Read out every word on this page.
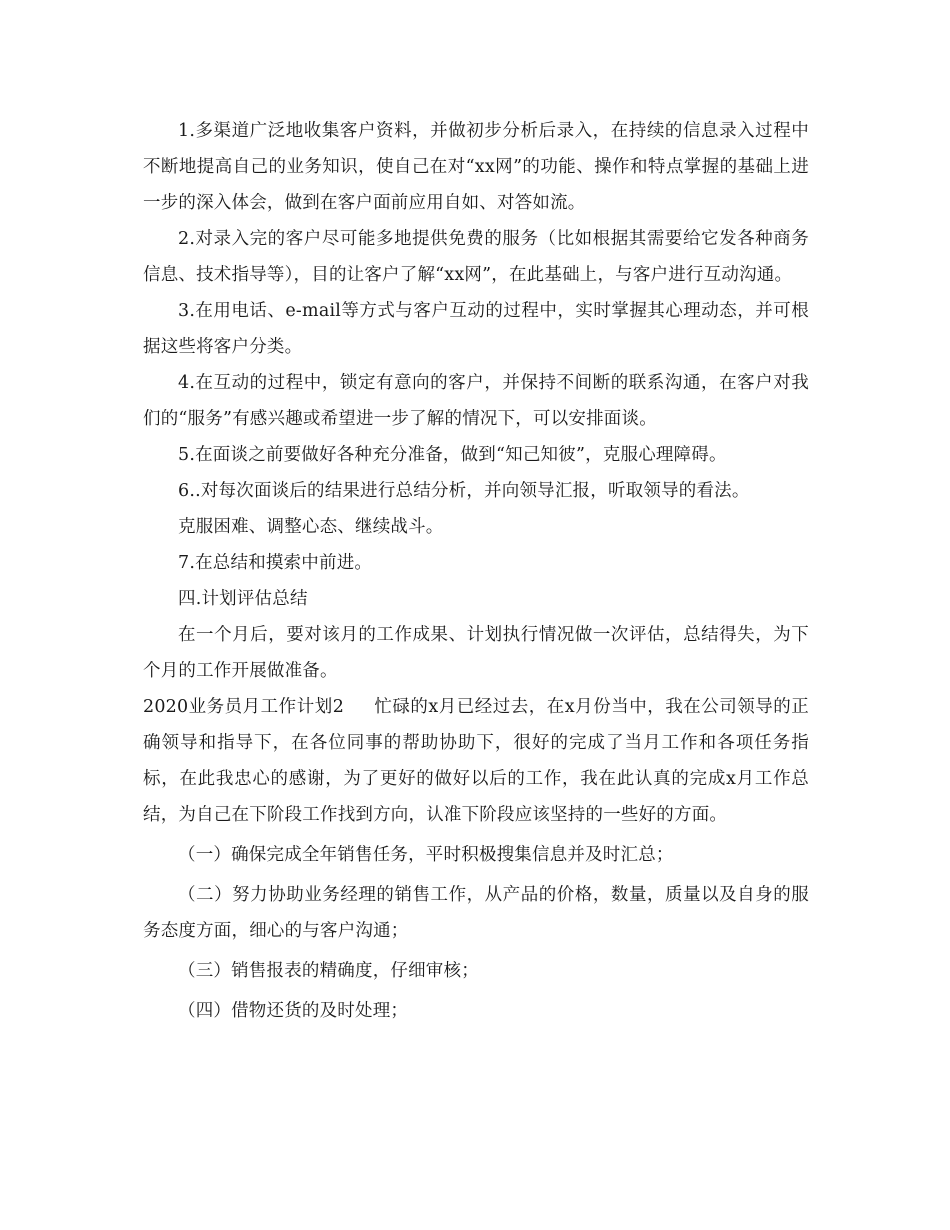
1.多渠道广泛地收集客户资料，并做初步分析后录入，在持续的信息录入过程中不断地提高自己的业务知识，使自己在对“xx网”的功能、操作和特点掌握的基础上进一步的深入体会，做到在客户面前应用自如、对答如流。

2.对录入完的客户尽可能多地提供免费的服务（比如根据其需要给它发各种商务信息、技术指导等），目的让客户了解“xx网”，在此基础上，与客户进行互动沟通。

3.在用电话、e-mail等方式与客户互动的过程中，实时掌握其心理动态，并可根据这些将客户分类。

4.在互动的过程中，锁定有意向的客户，并保持不间断的联系沟通，在客户对我们的“服务”有感兴趣或希望进一步了解的情况下，可以安排面谈。

5.在面谈之前要做好各种充分准备，做到“知己知彼”，克服心理障碍。

6..对每次面谈后的结果进行总结分析，并向领导汇报，听取领导的看法。

克服困难、调整心态、继续战斗。

7.在总结和摸索中前进。

四.计划评估总结

在一个月后，要对该月的工作成果、计划执行情况做一次评估，总结得失，为下个月的工作开展做准备。

2020业务员月工作计划2 忙碌的x月已经过去，在x月份当中，我在公司领导的正确领导和指导下，在各位同事的帮助协助下，很好的完成了当月工作和各项任务指标，在此我忠心的感谢，为了更好的做好以后的工作，我在此认真的完成x月工作总结，为自己在下阶段工作找到方向，认准下阶段应该坚持的一些好的方面。

（一）确保完成全年销售任务，平时积极搜集信息并及时汇总；

（二）努力协助业务经理的销售工作，从产品的价格，数量，质量以及自身的服务态度方面，细心的与客户沟通；

（三）销售报表的精确度，仔细审核；

（四）借物还货的及时处理；
